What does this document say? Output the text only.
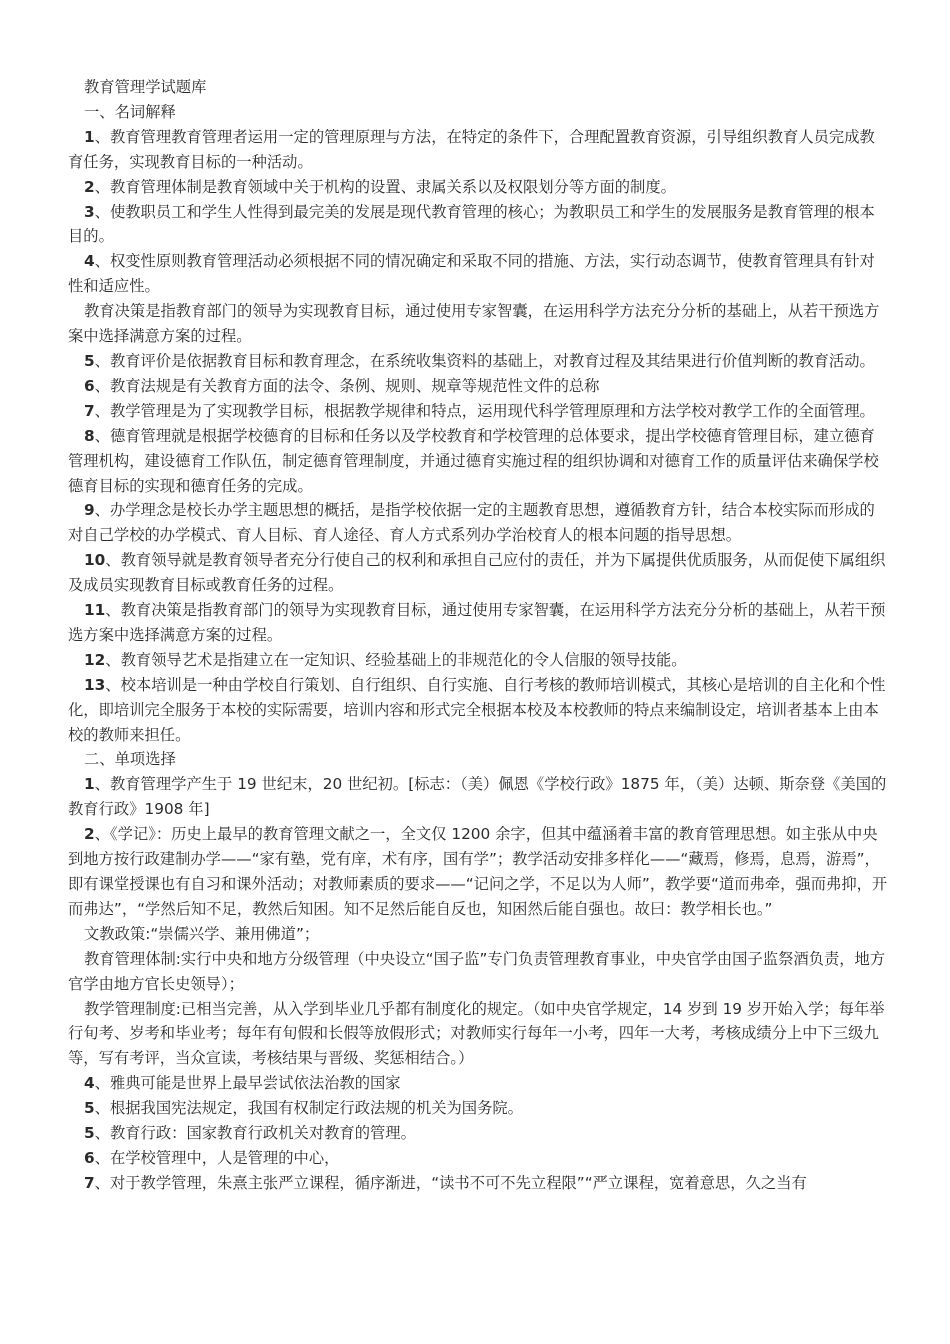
教育管理学试题库

一、名词解释

1、教育管理教育管理者运用一定的管理原理与方法，在特定的条件下，合理配置教育资源，引导组织教育人员完成教育任务，实现教育目标的一种活动。

2、教育管理体制是教育领域中关于机构的设置、隶属关系以及权限划分等方面的制度。

3、使教职员工和学生人性得到最完美的发展是现代教育管理的核心；为教职员工和学生的发展服务是教育管理的根本目的。

4、权变性原则教育管理活动必须根据不同的情况确定和采取不同的措施、方法，实行动态调节，使教育管理具有针对性和适应性。

教育决策是指教育部门的领导为实现教育目标，通过使用专家智囊，在运用科学方法充分分析的基础上，从若干预选方案中选择满意方案的过程。

5、教育评价是依据教育目标和教育理念，在系统收集资料的基础上，对教育过程及其结果进行价值判断的教育活动。

6、教育法规是有关教育方面的法令、条例、规则、规章等规范性文件的总称

7、教学管理是为了实现教学目标，根据教学规律和特点，运用现代科学管理原理和方法学校对教学工作的全面管理。

8、德育管理就是根据学校德育的目标和任务以及学校教育和学校管理的总体要求，提出学校德育管理目标，建立德育管理机构，建设德育工作队伍，制定德育管理制度，并通过德育实施过程的组织协调和对德育工作的质量评估来确保学校德育目标的实现和德育任务的完成。

9、办学理念是校长办学主题思想的概括，是指学校依据一定的主题教育思想，遵循教育方针，结合本校实际而形成的对自己学校的办学模式、育人目标、育人途径、育人方式系列办学治校育人的根本问题的指导思想。

10、教育领导就是教育领导者充分行使自己的权利和承担自己应付的责任，并为下属提供优质服务，从而促使下属组织及成员实现教育目标或教育任务的过程。

11、教育决策是指教育部门的领导为实现教育目标，通过使用专家智囊，在运用科学方法充分分析的基础上，从若干预选方案中选择满意方案的过程。

12、教育领导艺术是指建立在一定知识、经验基础上的非规范化的令人信服的领导技能。

13、校本培训是一种由学校自行策划、自行组织、自行实施、自行考核的教师培训模式，其核心是培训的自主化和个性化，即培训完全服务于本校的实际需要，培训内容和形式完全根据本校及本校教师的特点来编制设定，培训者基本上由本校的教师来担任。

二、单项选择

1、教育管理学产生于 19 世纪末，20 世纪初。[标志：（美）佩恩《学校行政》1875 年，（美）达顿、斯奈登《美国的教育行政》1908 年]

2、《学记》：历史上最早的教育管理文献之一，全文仅 1200 余字，但其中蕴涵着丰富的教育管理思想。如主张从中央到地方按行政建制办学——“家有塾，党有庠，术有序，国有学”；教学活动安排多样化——“藏焉，修焉，息焉，游焉”，即有课堂授课也有自习和课外活动；对教师素质的要求——“记问之学，不足以为人师”，教学要“道而弗牵，强而弗抑，开而弗达”，“学然后知不足，教然后知困。知不足然后能自反也，知困然后能自强也。故曰：教学相长也。”

文教政策:“崇儒兴学、兼用佛道”；

教育管理体制:实行中央和地方分级管理（中央设立“国子监”专门负责管理教育事业，中央官学由国子监祭酒负责，地方官学由地方官长史领导）；

教学管理制度:已相当完善，从入学到毕业几乎都有制度化的规定。（如中央官学规定，14 岁到 19 岁开始入学；每年举行旬考、岁考和毕业考；每年有旬假和长假等放假形式；对教师实行每年一小考，四年一大考，考核成绩分上中下三级九等，写有考评，当众宣读，考核结果与晋级、奖惩相结合。）

4、雅典可能是世界上最早尝试依法治教的国家

5、根据我国宪法规定，我国有权制定行政法规的机关为国务院。

5、教育行政：国家教育行政机关对教育的管理。

6、在学校管理中，人是管理的中心，

7、对于教学管理，朱熹主张严立课程，循序渐进，“读书不可不先立程限”“严立课程，宽着意思，久之当有
